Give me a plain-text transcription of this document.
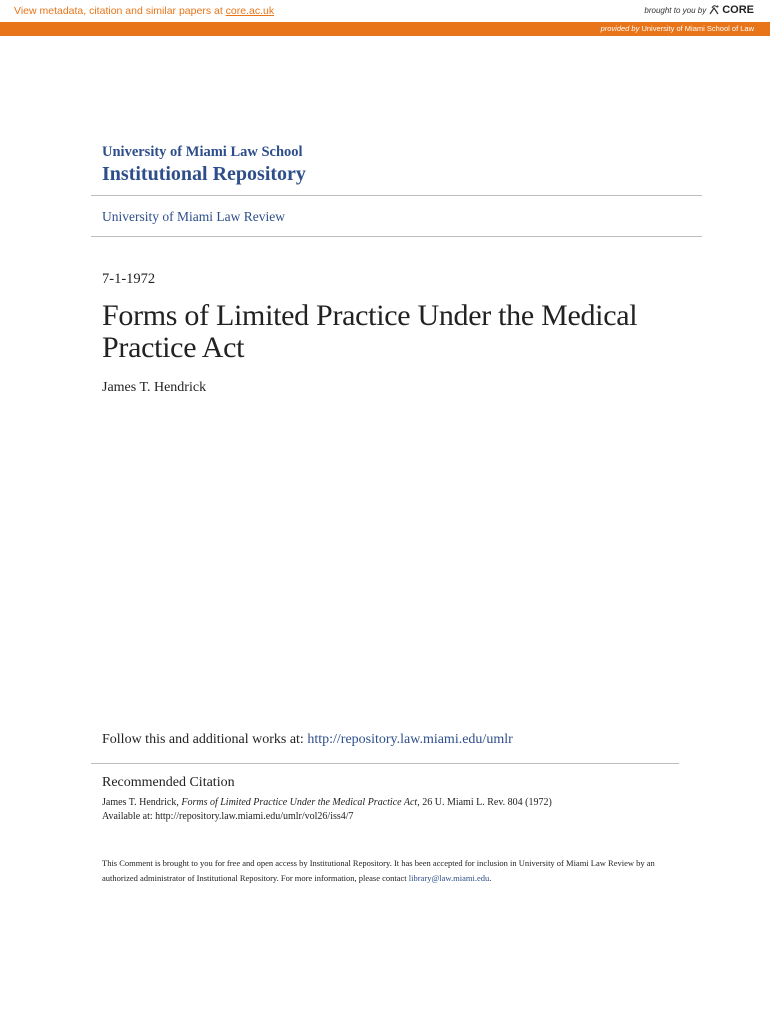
View metadata, citation and similar papers at core.ac.uk	brought to you by CORE
provided by University of Miami School of Law
University of Miami Law School
Institutional Repository
University of Miami Law Review
7-1-1972
Forms of Limited Practice Under the Medical Practice Act
James T. Hendrick
Follow this and additional works at: http://repository.law.miami.edu/umlr
Recommended Citation
James T. Hendrick, Forms of Limited Practice Under the Medical Practice Act, 26 U. Miami L. Rev. 804 (1972)
Available at: http://repository.law.miami.edu/umlr/vol26/iss4/7
This Comment is brought to you for free and open access by Institutional Repository. It has been accepted for inclusion in University of Miami Law Review by an authorized administrator of Institutional Repository. For more information, please contact library@law.miami.edu.
